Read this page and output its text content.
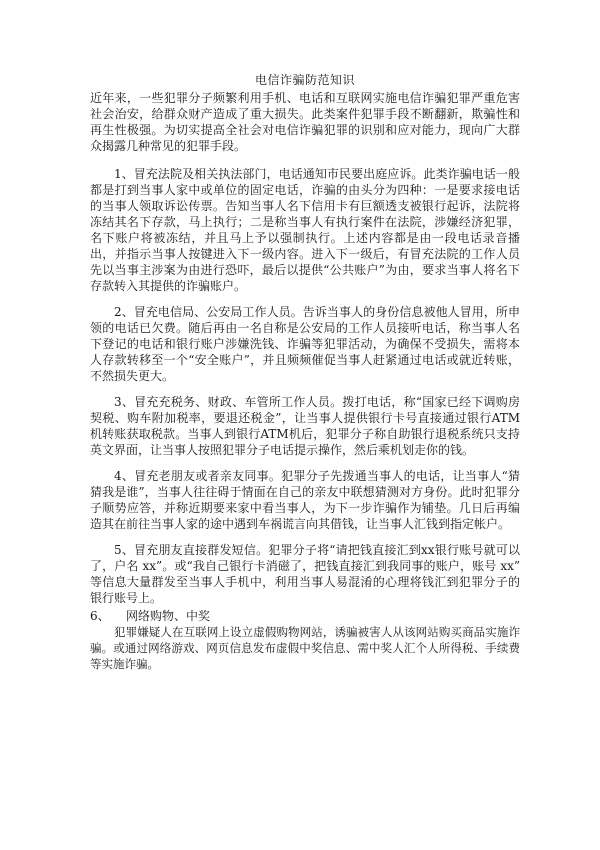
电信诈骗防范知识

近年来，一些犯罪分子频繁利用手机、电话和互联网实施电信诈骗犯罪严重危害社会治安，给群众财产造成了重大损失。此类案件犯罪手段不断翻新，欺骗性和再生性极强。为切实提高全社会对电信诈骗犯罪的识别和应对能力，现向广大群众揭露几种常见的犯罪手段。

1、冒充法院及相关执法部门，电话通知市民要出庭应诉。此类诈骗电话一般都是打到当事人家中或单位的固定电话，诈骗的由头分为四种：一是要求接电话的当事人领取诉讼传票。告知当事人名下信用卡有巨额透支被银行起诉，法院将冻结其名下存款，马上执行；二是称当事人有执行案件在法院，涉嫌经济犯罪，名下账户将被冻结，并且马上予以强制执行。上述内容都是由一段电话录音播出，并指示当事人按键进入下一级内容。进入下一级后，有冒充法院的工作人员先以当事主涉案为由进行恐吓，最后以提供“公共账户”为由，要求当事人将名下存款转入其提供的诈骗账户。

2、冒充电信局、公安局工作人员。告诉当事人的身份信息被他人冒用，所申领的电话已欠费。随后再由一名自称是公安局的工作人员接听电话，称当事人名下登记的电话和银行账户涉嫌洗钱、诈骗等犯罪活动，为确保不受损失，需将本人存款转移至一个“安全账户”，并且频频催促当事人赶紧通过电话或就近转账，不然损失更大。

3、冒充充税务、财政、车管所工作人员。拨打电话，称“国家已经下调购房契税、购车附加税率，要退还税金”，让当事人提供银行卡号直接通过银行ATM机转账获取税款。当事人到银行ATM机后，犯罪分子称自助银行退税系统只支持英文界面，让当事人按照犯罪分子电话提示操作，然后乘机划走你的钱。

4、冒充老朋友或者亲友同事。犯罪分子先拨通当事人的电话，让当事人“猜猜我是谁”，当事人往往碍于情面在自己的亲友中联想猜测对方身份。此时犯罪分子顺势应答，并称近期要来家中看当事人，为下一步诈骗作为铺垫。几日后再编造其在前往当事人家的途中遇到车祸谎言向其借钱，让当事人汇钱到指定帐户。

5、冒充朋友直接群发短信。犯罪分子将“请把钱直接汇到xx银行账号就可以了，户名 xx”。或“我自己银行卡消磁了，把钱直接汇到我同事的账户，账号 xx” 等信息大量群发至当事人手机中，利用当事人易混淆的心理将钱汇到犯罪分子的银行账号上。

6、 网络购物、中奖

犯罪嫌疑人在互联网上设立虚假购物网站，诱骗被害人从该网站购买商品实施诈骗。或通过网络游戏、网页信息发布虚假中奖信息、需中奖人汇个人所得税、手续费等实施诈骗。
